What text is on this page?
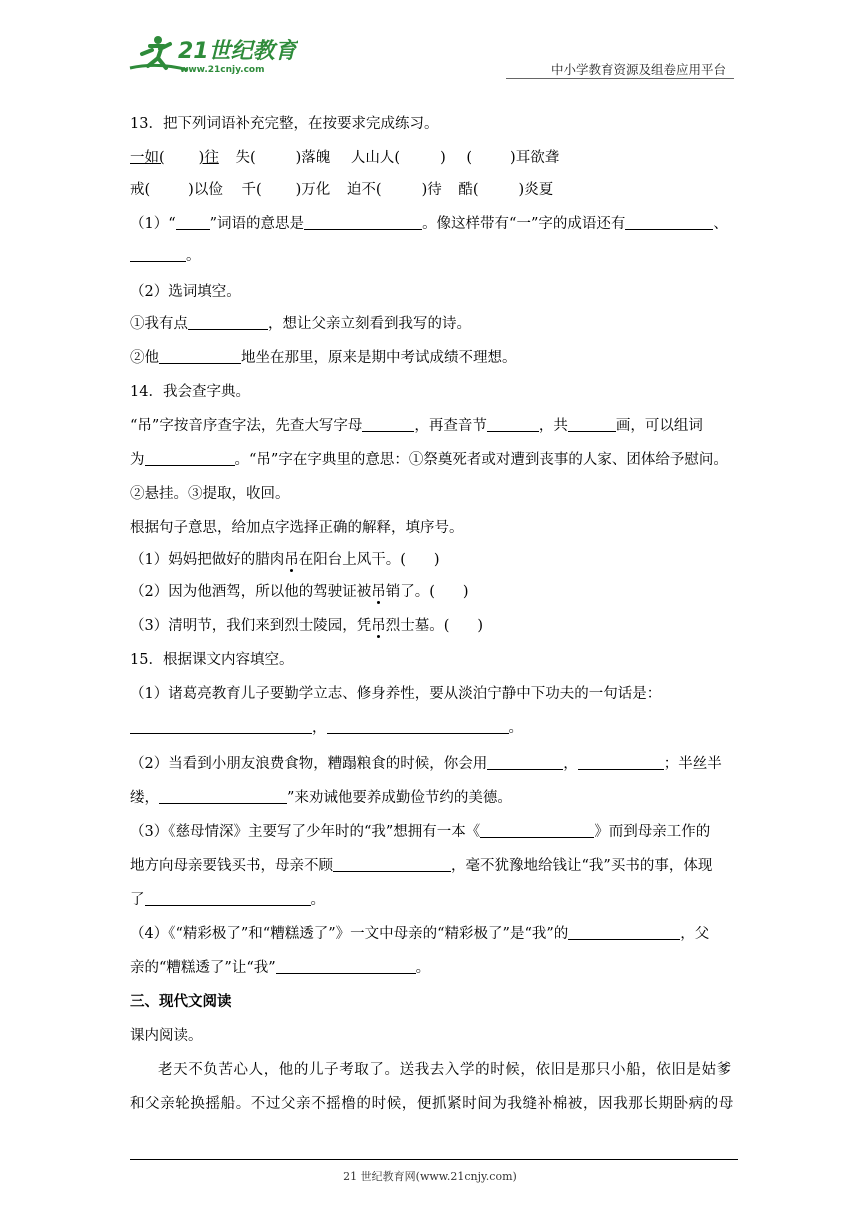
21世纪教育
www.21cnjy.com	中小学教育资源及组卷应用平台
13．把下列词语补充完整，在按要求完成练习。
一如( )往 失(	)落魄 人山人(	) (	)耳欲聋
戒(	)以俭 千( )万化 迫不(	)待 酷(	)炎夏
（1）“ ”词语的意思是	。像这样带有“一”字的成语还有	、
。
（2）选词填空。
①我有点	，想让父亲立刻看到我写的诗。
②他	地坐在那里，原来是期中考试成绩不理想。
14．我会查字典。
“吊”字按音序查字法，先查大写字母	，再查音节	，共	画，可以组词
为	。“吊”字在字典里的意思：①祭奠死者或对遭到丧事的人家、团体给予慰问。
②悬挂。③提取，收回。
根据句子意思，给加点字选择正确的解释，填序号。
（1）妈妈把做好的腊肉吊在阳台上风干。( )
（2）因为他酒驾，所以他的驾驶证被吊销了。( )
（3）清明节，我们来到烈士陵园，凭吊烈士墓。( )
15．根据课文内容填空。
（1）诸葛亮教育儿子要勤学立志、修身养性，要从淡泊宁静中下功夫的一句话是：
，	。
（2）当看到小朋友浪费食物，糟蹋粮食的时候，你会用	，	；半丝半
缕，	”来劝诫他要养成勤俭节约的美德。
（3）《慈母情深》主要写了少年时的“我”想拥有一本《	》而到母亲工作的
地方向母亲要钱买书，母亲不顾	，毫不犹豫地给钱让“我”买书的事，体现
了	。
（4）《“精彩极了”和“糟糕透了”》一文中母亲的“精彩极了”是“我”的	，父
亲的“糟糕透了”让“我”	。
三、现代文阅读
课内阅读。
老天不负苦心人，他的儿子考取了。送我去入学的时候，依旧是那只小船，依旧是姑爹
和父亲轮换摇船。不过父亲不摇橹的时候，便抓紧时间为我缝补棉被，因我那长期卧病的母
21 世纪教育网(www.21cnjy.com)
